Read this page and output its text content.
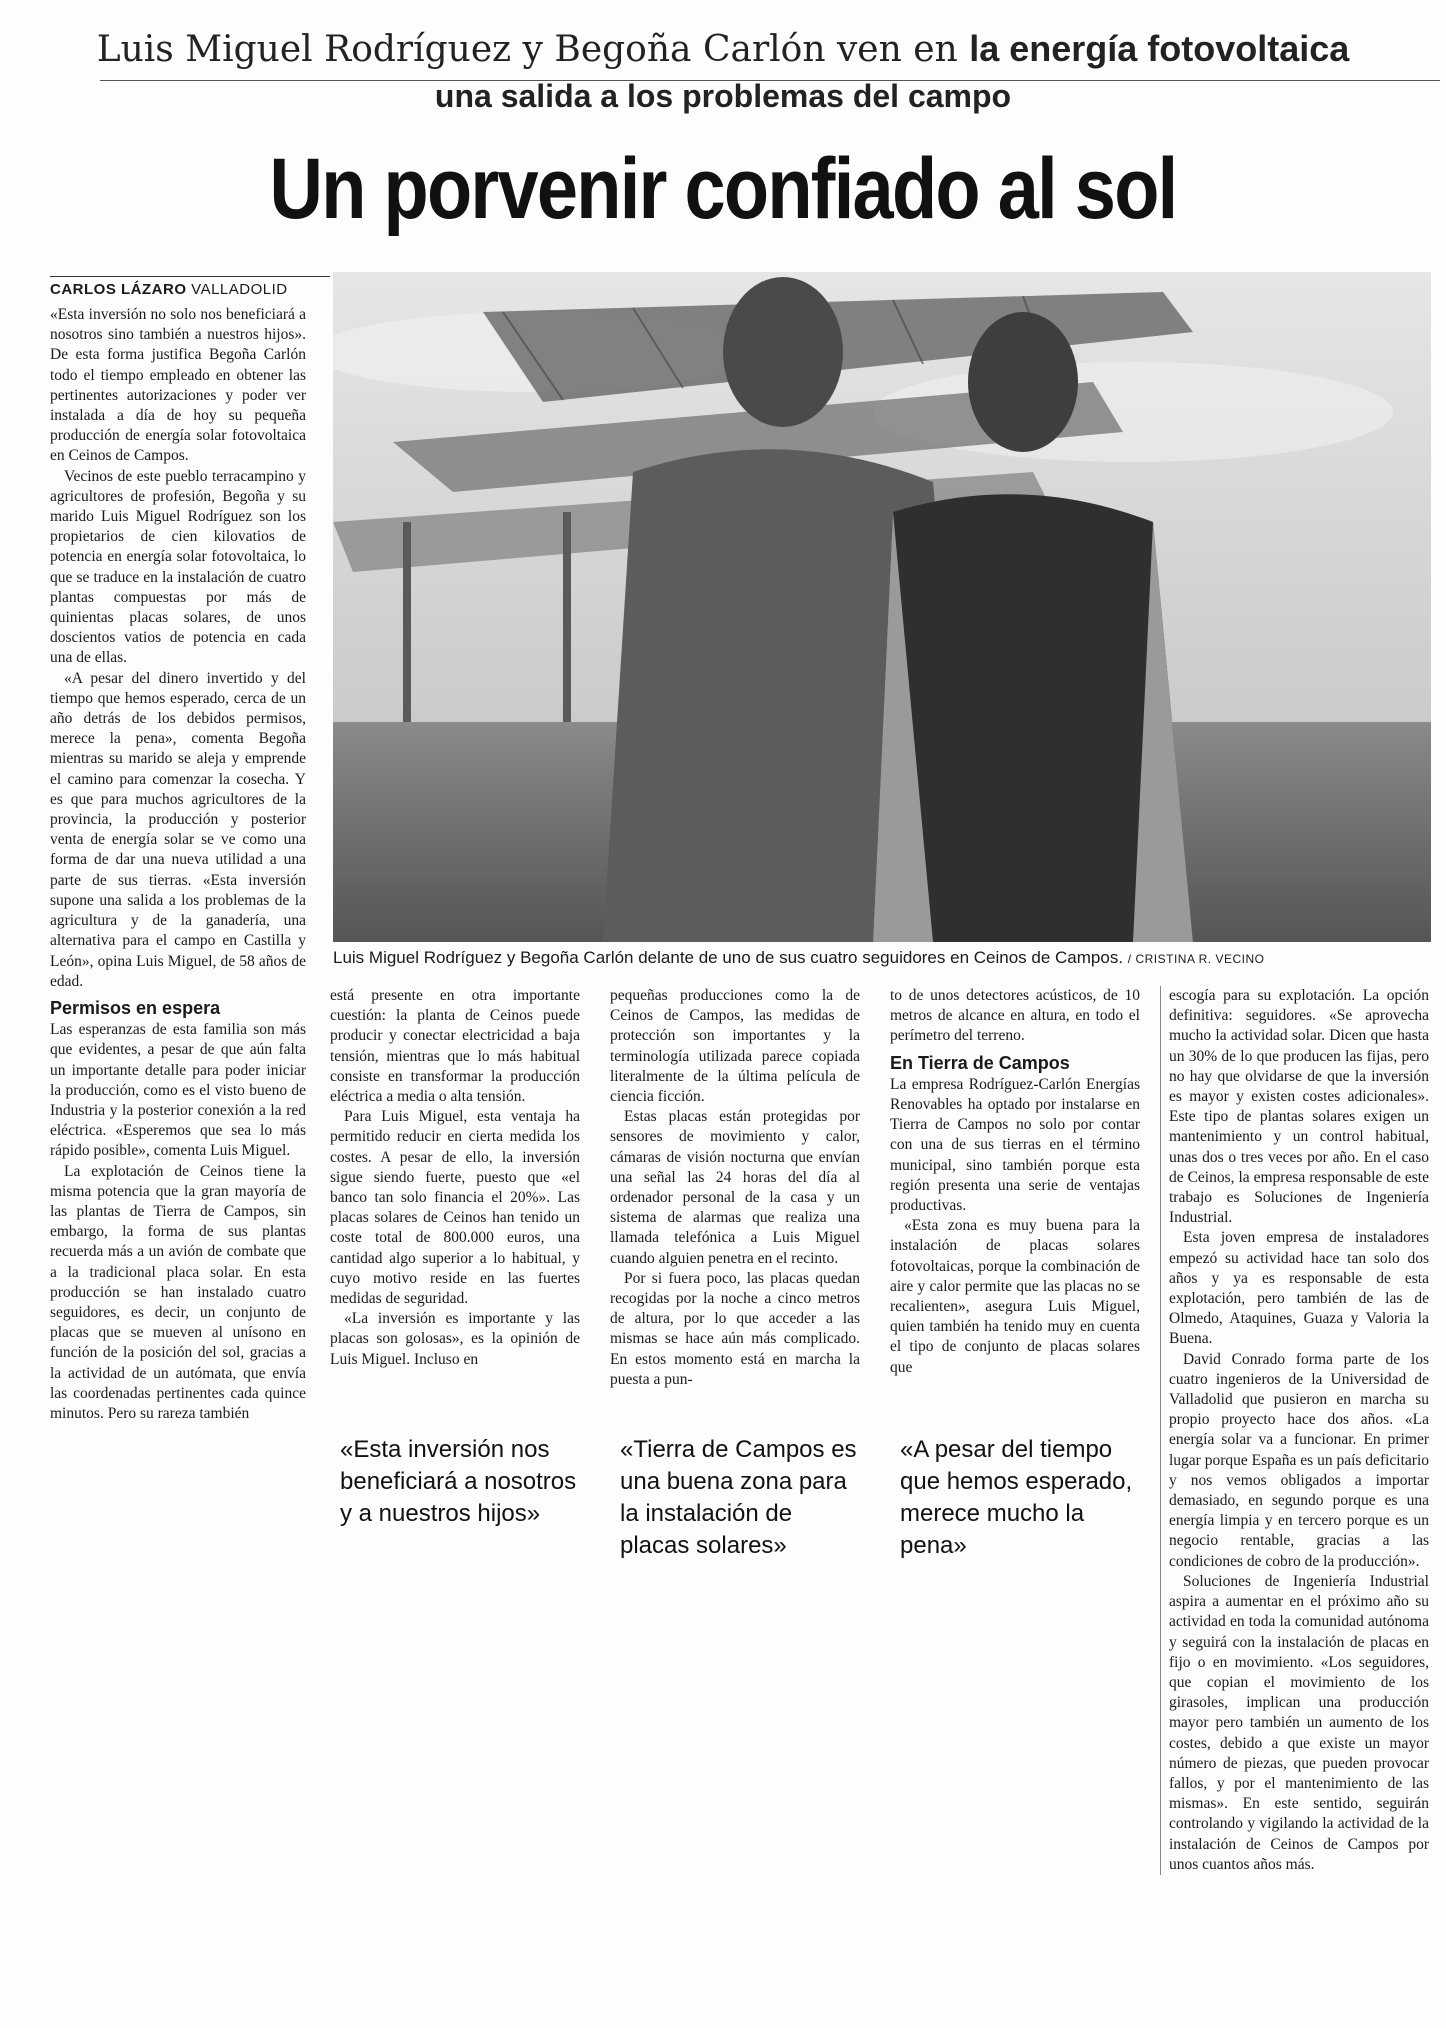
Luis Miguel Rodríguez y Begoña Carlón ven en la energía fotovoltaica
una salida a los problemas del campo
Un porvenir confiado al sol
CARLOS LÁZARO VALLADOLID
Luis Miguel Rodríguez y Begoña Carlón delante de uno de sus cuatro seguidores en Ceinos de Campos. / CRISTINA R. VECINO

«Esta inversión no solo nos beneficiará a nosotros sino también a nuestros hijos». De esta forma justifica Begoña Carlón todo el tiempo empleado en obtener las pertinentes autorizaciones y poder ver instalada a día de hoy su pequeña producción de energía solar fotovoltaica en Ceinos de Campos.

Vecinos de este pueblo terracampino y agricultores de profesión, Begoña y su marido Luis Miguel Rodríguez son los propietarios de cien kilovatios de potencia en energía solar fotovoltaica, lo que se traduce en la instalación de cuatro plantas compuestas por más de quinientas placas solares, de unos doscientos vatios de potencia en cada una de ellas.

«A pesar del dinero invertido y del tiempo que hemos esperado, cerca de un año detrás de los debidos permisos, merece la pena», comenta Begoña mientras su marido se aleja y emprende el camino para comenzar la cosecha. Y es que para muchos agricultores de la provincia, la producción y posterior venta de energía solar se ve como una forma de dar una nueva utilidad a una parte de sus tierras. «Esta inversión supone una salida a los problemas de la agricultura y de la ganadería, una alternativa para el campo en Castilla y León», opina Luis Miguel, de 58 años de edad.

Permisos en espera

Las esperanzas de esta familia son más que evidentes, a pesar de que aún falta un importante detalle para poder iniciar la producción, como es el visto bueno de Industria y la posterior conexión a la red eléctrica. «Esperemos que sea lo más rápido posible», comenta Luis Miguel.

La explotación de Ceinos tiene la misma potencia que la gran mayoría de las plantas de Tierra de Campos, sin embargo, la forma de sus plantas recuerda más a un avión de combate que a la tradicional placa solar. En esta producción se han instalado cuatro seguidores, es decir, un conjunto de placas que se mueven al unísono en función de la posición del sol, gracias a la actividad de un autómata, que envía las coordenadas pertinentes cada quince minutos. Pero su rareza también

está presente en otra importante cuestión: la planta de Ceinos puede producir y conectar electricidad a baja tensión, mientras que lo más habitual consiste en transformar la producción eléctrica a media o alta tensión.

Para Luis Miguel, esta ventaja ha permitido reducir en cierta medida los costes. A pesar de ello, la inversión sigue siendo fuerte, puesto que «el banco tan solo financia el 20%». Las placas solares de Ceinos han tenido un coste total de 800.000 euros, una cantidad algo superior a lo habitual, y cuyo motivo reside en las fuertes medidas de seguridad.

«La inversión es importante y las placas son golosas», es la opinión de Luis Miguel. Incluso en

«Esta inversión nos beneficiará a nosotros y a nuestros hijos»

pequeñas producciones como la de Ceinos de Campos, las medidas de protección son importantes y la terminología utilizada parece copiada literalmente de la última película de ciencia ficción.

Estas placas están protegidas por sensores de movimiento y calor, cámaras de visión nocturna que envían una señal las 24 horas del día al ordenador personal de la casa y un sistema de alarmas que realiza una llamada telefónica a Luis Miguel cuando alguien penetra en el recinto.

Por si fuera poco, las placas quedan recogidas por la noche a cinco metros de altura, por lo que acceder a las mismas se hace aún más complicado. En estos momento está en marcha la puesta a pun-

«Tierra de Campos es una buena zona para la instalación de placas solares»

to de unos detectores acústicos, de 10 metros de alcance en altura, en todo el perímetro del terreno.

En Tierra de Campos

La empresa Rodríguez-Carlón Energías Renovables ha optado por instalarse en Tierra de Campos no solo por contar con una de sus tierras en el término municipal, sino también porque esta región presenta una serie de ventajas productivas.

«Esta zona es muy buena para la instalación de placas solares fotovoltaicas, porque la combinación de aire y calor permite que las placas no se recalienten», asegura Luis Miguel, quien también ha tenido muy en cuenta el tipo de conjunto de placas solares que

«A pesar del tiempo que hemos esperado, merece mucho la pena»

escogía para su explotación. La opción definitiva: seguidores. «Se aprovecha mucho la actividad solar. Dicen que hasta un 30% de lo que producen las fijas, pero no hay que olvidarse de que la inversión es mayor y existen costes adicionales». Este tipo de plantas solares exigen un mantenimiento y un control habitual, unas dos o tres veces por año. En el caso de Ceinos, la empresa responsable de este trabajo es Soluciones de Ingeniería Industrial.

Esta joven empresa de instaladores empezó su actividad hace tan solo dos años y ya es responsable de esta explotación, pero también de las de Olmedo, Ataquines, Guaza y Valoria la Buena.

David Conrado forma parte de los cuatro ingenieros de la Universidad de Valladolid que pusieron en marcha su propio proyecto hace dos años. «La energía solar va a funcionar. En primer lugar porque España es un país deficitario y nos vemos obligados a importar demasiado, en segundo porque es una energía limpia y en tercero porque es un negocio rentable, gracias a las condiciones de cobro de la producción».

Soluciones de Ingeniería Industrial aspira a aumentar en el próximo año su actividad en toda la comunidad autónoma y seguirá con la instalación de placas en fijo o en movimiento. «Los seguidores, que copian el movimiento de los girasoles, implican una producción mayor pero también un aumento de los costes, debido a que existe un mayor número de piezas, que pueden provocar fallos, y por el mantenimiento de las mismas». En este sentido, seguirán controlando y vigilando la actividad de la instalación de Ceinos de Campos por unos cuantos años más.
